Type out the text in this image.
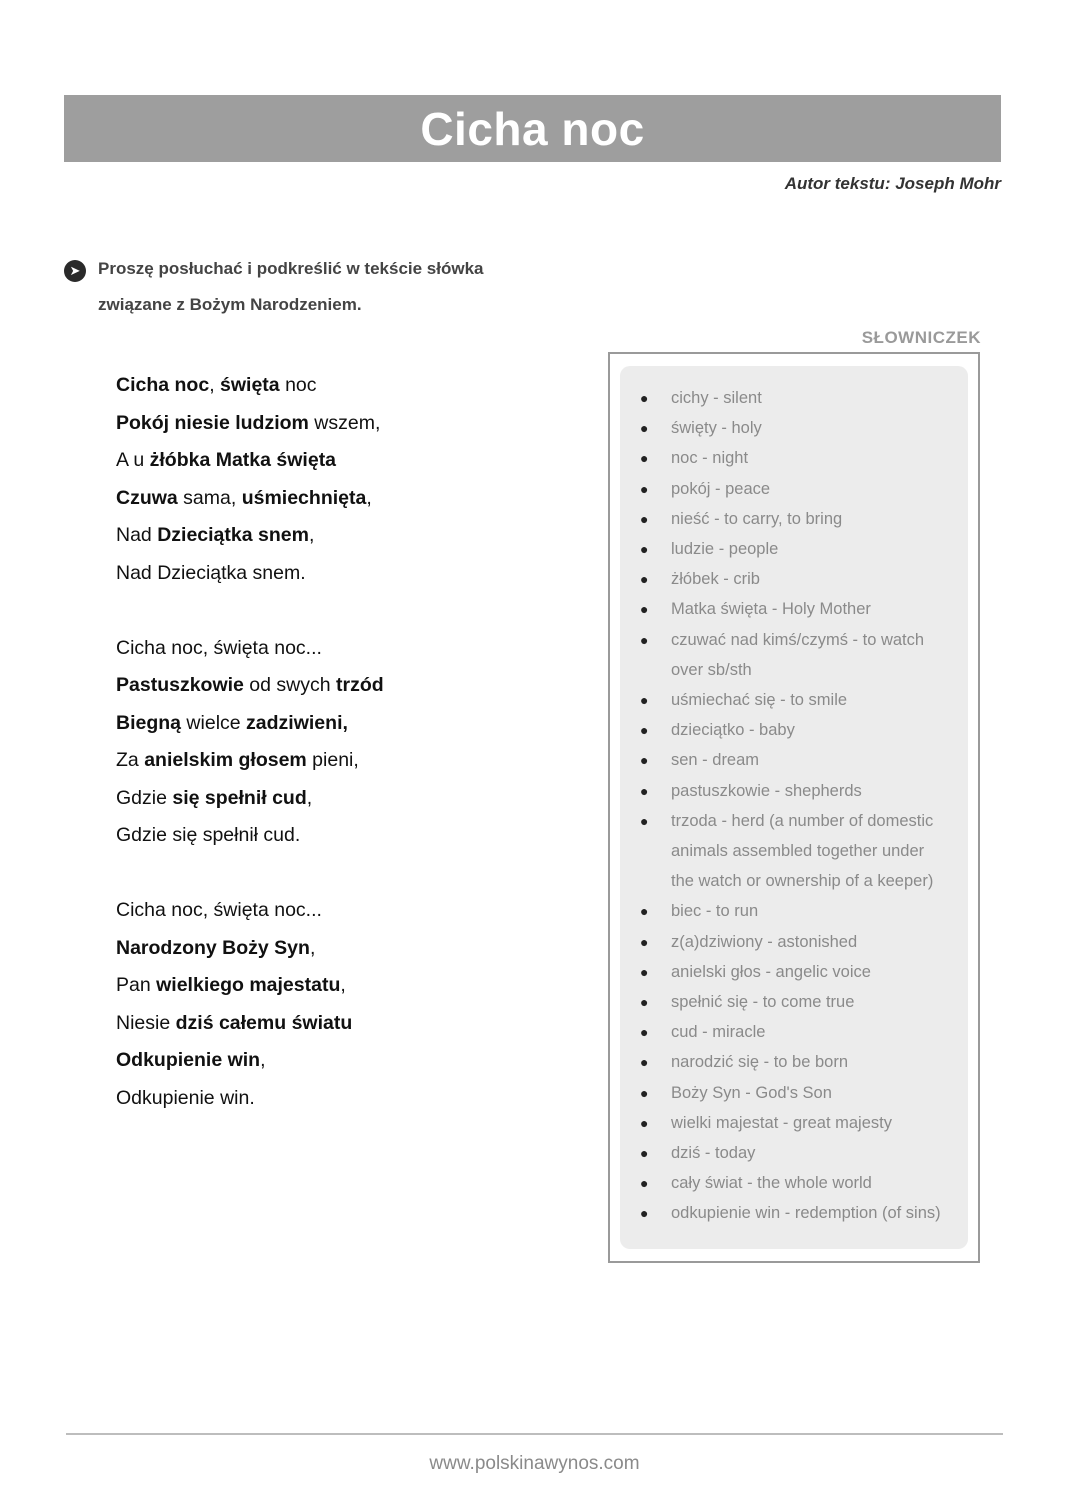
Cicha noc
Autor tekstu: Joseph Mohr
➤	Proszę posłuchać i podkreślić w tekście słówka
związane z Bożym Narodzeniem.
Cicha noc, święta noc
Pokój niesie ludziom wszem,
A u żłóbka Matka święta
Czuwa sama, uśmiechnięta,
Nad Dzieciątka snem,
Nad Dzieciątka snem.
Cicha noc, święta noc...
Pastuszkowie od swych trzód
Biegną wielce zadziwieni,
Za anielskim głosem pieni,
Gdzie się spełnił cud,
Gdzie się spełnił cud.
Cicha noc, święta noc...
Narodzony Boży Syn,
Pan wielkiego majestatu,
Niesie dziś całemu światu
Odkupienie win,
Odkupienie win.
SŁOWNICZEK
● cichy - silent
● święty - holy
● noc - night
● pokój - peace
● nieść - to carry, to bring
● ludzie - people
● żłóbek - crib
● Matka święta - Holy Mother
● czuwać nad kimś/czymś - to watch
over sb/sth
● uśmiechać się - to smile
● dzieciątko - baby
● sen - dream
● pastuszkowie - shepherds
● trzoda - herd (a number of domestic
animals assembled together under
the watch or ownership of a keeper)
● biec - to run
● z(a)dziwiony - astonished
● anielski głos - angelic voice
● spełnić się - to come true
● cud - miracle
● narodzić się - to be born
● Boży Syn - God's Son
● wielki majestat - great majesty
● dziś - today
● cały świat - the whole world
● odkupienie win - redemption (of sins)
www.polskinawynos.com
